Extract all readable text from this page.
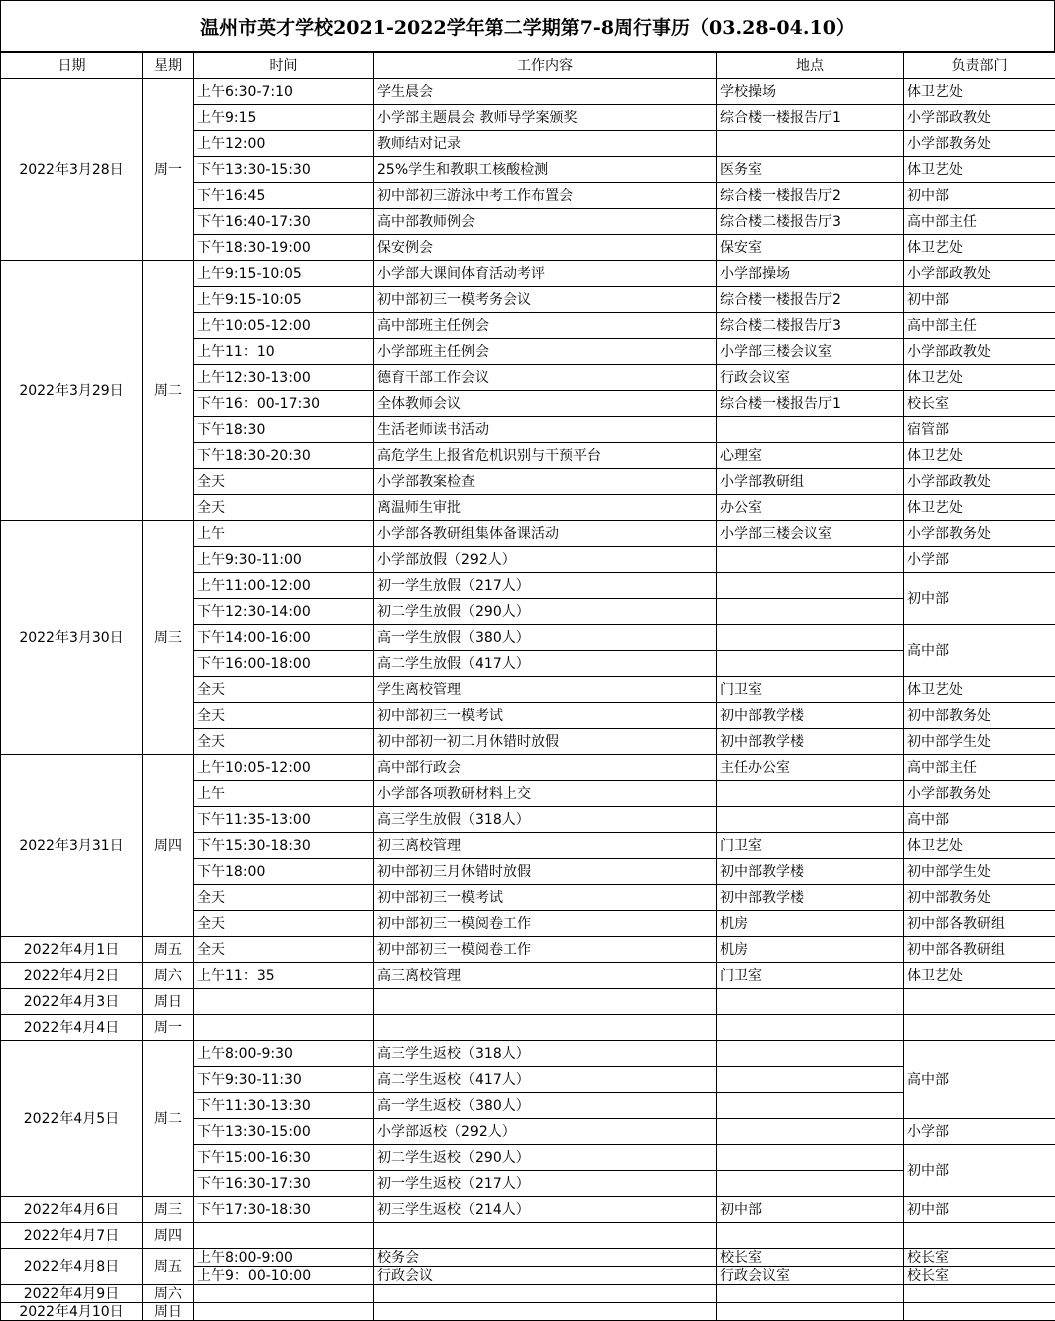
温州市英才学校2021-2022学年第二学期第7-8周行事历（03.28-04.10）
日期	星期	时间	工作内容	地点	负责部门
2022年3月28日	周一	上午6:30-7:10	学生晨会	学校操场	体卫艺处
		上午9:15	小学部主题晨会 教师导学案颁奖	综合楼一楼报告厅1	小学部政教处
		上午12:00	教师结对记录		小学部教务处
		下午13:30-15:30	25%学生和教职工核酸检测	医务室	体卫艺处
		下午16:45	初中部初三游泳中考工作布置会	综合楼一楼报告厅2	初中部
		下午16:40-17:30	高中部教师例会	综合楼二楼报告厅3	高中部主任
		下午18:30-19:00	保安例会	保安室	体卫艺处
2022年3月29日	周二	上午9:15-10:05	小学部大课间体育活动考评	小学部操场	小学部政教处
		上午9:15-10:05	初中部初三一模考务会议	综合楼一楼报告厅2	初中部
		上午10:05-12:00	高中部班主任例会	综合楼二楼报告厅3	高中部主任
		上午11：10	小学部班主任例会	小学部三楼会议室	小学部政教处
		上午12:30-13:00	德育干部工作会议	行政会议室	体卫艺处
		下午16：00-17:30	全体教师会议	综合楼一楼报告厅1	校长室
		下午18:30	生活老师读书活动		宿管部
		下午18:30-20:30	高危学生上报省危机识别与干预平台	心理室	体卫艺处
		全天	小学部教案检查	小学部教研组	小学部政教处
		全天	离温师生审批	办公室	体卫艺处
2022年3月30日	周三	上午	小学部各教研组集体备课活动	小学部三楼会议室	小学部教务处
		上午9:30-11:00	小学部放假（292人）		小学部
		上午11:00-12:00	初一学生放假（217人）		初中部
		下午12:30-14:00	初二学生放假（290人）		
		下午14:00-16:00	高一学生放假（380人）		高中部
		下午16:00-18:00	高二学生放假（417人）		
		全天	学生离校管理	门卫室	体卫艺处
		全天	初中部初三一模考试	初中部教学楼	初中部教务处
		全天	初中部初一初二月休错时放假	初中部教学楼	初中部学生处
2022年3月31日	周四	上午10:05-12:00	高中部行政会	主任办公室	高中部主任
		上午	小学部各项教研材料上交		小学部教务处
		下午11:35-13:00	高三学生放假（318人）		高中部
		下午15:30-18:30	初三离校管理	门卫室	体卫艺处
		下午18:00	初中部初三月休错时放假	初中部教学楼	初中部学生处
		全天	初中部初三一模考试	初中部教学楼	初中部教务处
		全天	初中部初三一模阅卷工作	机房	初中部各教研组
2022年4月1日	周五	全天	初中部初三一模阅卷工作	机房	初中部各教研组
2022年4月2日	周六	上午11：35	高三离校管理	门卫室	体卫艺处
2022年4月3日	周日				
2022年4月4日	周一				
2022年4月5日	周二	上午8:00-9:30	高三学生返校（318人）		高中部
		下午9:30-11:30	高二学生返校（417人）		
		下午11:30-13:30	高一学生返校（380人）		
		下午13:30-15:00	小学部返校（292人）		小学部
		下午15:00-16:30	初二学生返校（290人）		初中部
		下午16:30-17:30	初一学生返校（217人）		
2022年4月6日	周三	下午17:30-18:30	初三学生返校（214人）	初中部	初中部
2022年4月7日	周四				
2022年4月8日	周五	上午8:00-9:00	校务会	校长室	校长室
		上午9：00-10:00	行政会议	行政会议室	校长室
2022年4月9日	周六				
2022年4月10日	周日				
